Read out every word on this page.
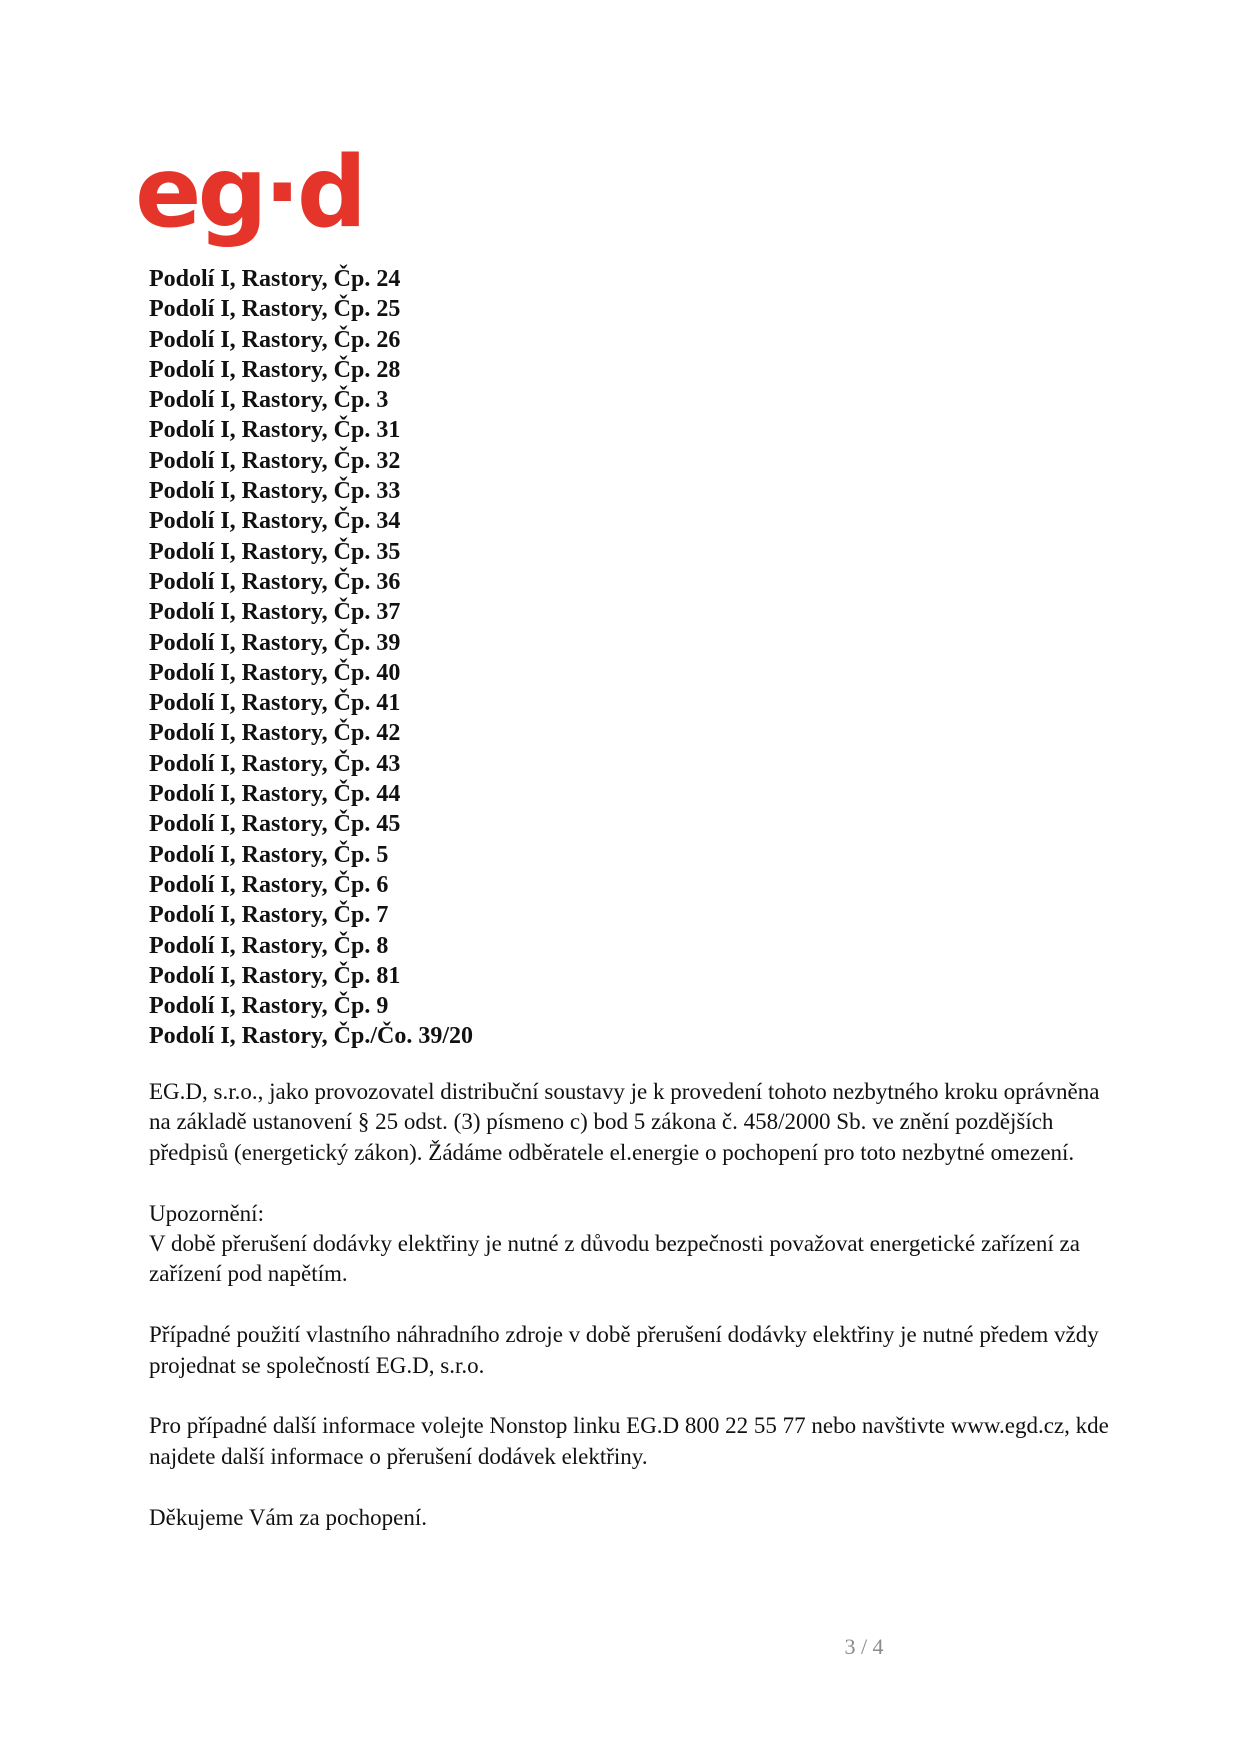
eg·d
Podolí I, Rastory, Čp. 24
Podolí I, Rastory, Čp. 25
Podolí I, Rastory, Čp. 26
Podolí I, Rastory, Čp. 28
Podolí I, Rastory, Čp. 3
Podolí I, Rastory, Čp. 31
Podolí I, Rastory, Čp. 32
Podolí I, Rastory, Čp. 33
Podolí I, Rastory, Čp. 34
Podolí I, Rastory, Čp. 35
Podolí I, Rastory, Čp. 36
Podolí I, Rastory, Čp. 37
Podolí I, Rastory, Čp. 39
Podolí I, Rastory, Čp. 40
Podolí I, Rastory, Čp. 41
Podolí I, Rastory, Čp. 42
Podolí I, Rastory, Čp. 43
Podolí I, Rastory, Čp. 44
Podolí I, Rastory, Čp. 45
Podolí I, Rastory, Čp. 5
Podolí I, Rastory, Čp. 6
Podolí I, Rastory, Čp. 7
Podolí I, Rastory, Čp. 8
Podolí I, Rastory, Čp. 81
Podolí I, Rastory, Čp. 9
Podolí I, Rastory, Čp./Čo. 39/20

EG.D, s.r.o., jako provozovatel distribuční soustavy je k provedení tohoto nezbytného kroku oprávněna na základě ustanovení § 25 odst. (3) písmeno c) bod 5 zákona č. 458/2000 Sb. ve znění pozdějších předpisů (energetický zákon). Žádáme odběratele el.energie o pochopení pro toto nezbytné omezení.

Upozornění:
V době přerušení dodávky elektřiny je nutné z důvodu bezpečnosti považovat energetické zařízení za zařízení pod napětím.

Případné použití vlastního náhradního zdroje v době přerušení dodávky elektřiny je nutné předem vždy projednat se společností EG.D, s.r.o.

Pro případné další informace volejte Nonstop linku EG.D 800 22 55 77 nebo navštivte www.egd.cz, kde najdete další informace o přerušení dodávek elektřiny.

Děkujeme Vám za pochopení.

3 / 4
